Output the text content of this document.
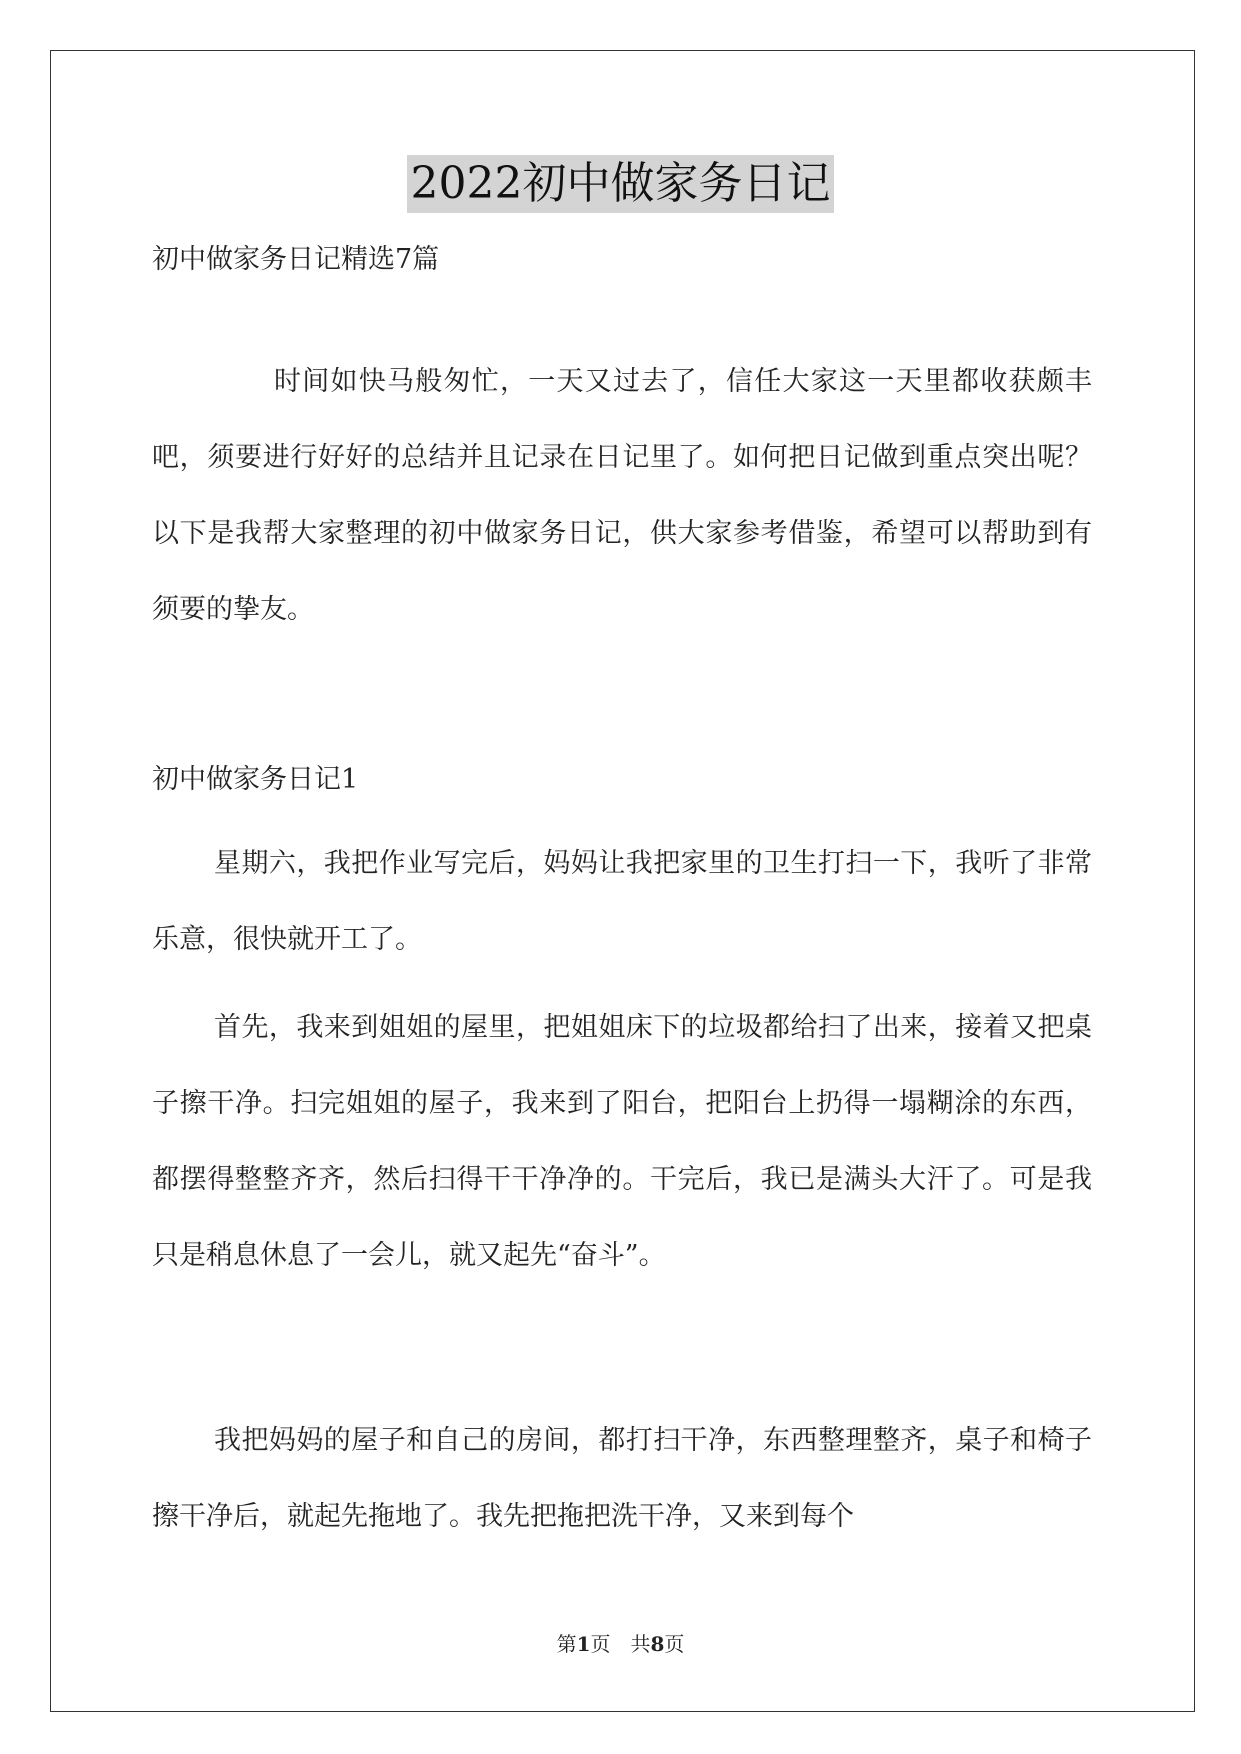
2022初中做家务日记
初中做家务日记精选7篇
时间如快马般匆忙，一天又过去了，信任大家这一天里都收获颇丰吧，须要进行好好的总结并且记录在日记里了。如何把日记做到重点突出呢？以下是我帮大家整理的初中做家务日记，供大家参考借鉴，希望可以帮助到有须要的挚友。
初中做家务日记1
星期六，我把作业写完后，妈妈让我把家里的卫生打扫一下，我听了非常乐意，很快就开工了。
首先，我来到姐姐的屋里，把姐姐床下的垃圾都给扫了出来，接着又把桌子擦干净。扫完姐姐的屋子，我来到了阳台，把阳台上扔得一塌糊涂的东西，都摆得整整齐齐，然后扫得干干净净的。干完后，我已是满头大汗了。可是我只是稍息休息了一会儿，就又起先“奋斗”。
我把妈妈的屋子和自己的房间，都打扫干净，东西整理整齐，桌子和椅子擦干净后，就起先拖地了。我先把拖把洗干净，又来到每个
第1页　共8页
